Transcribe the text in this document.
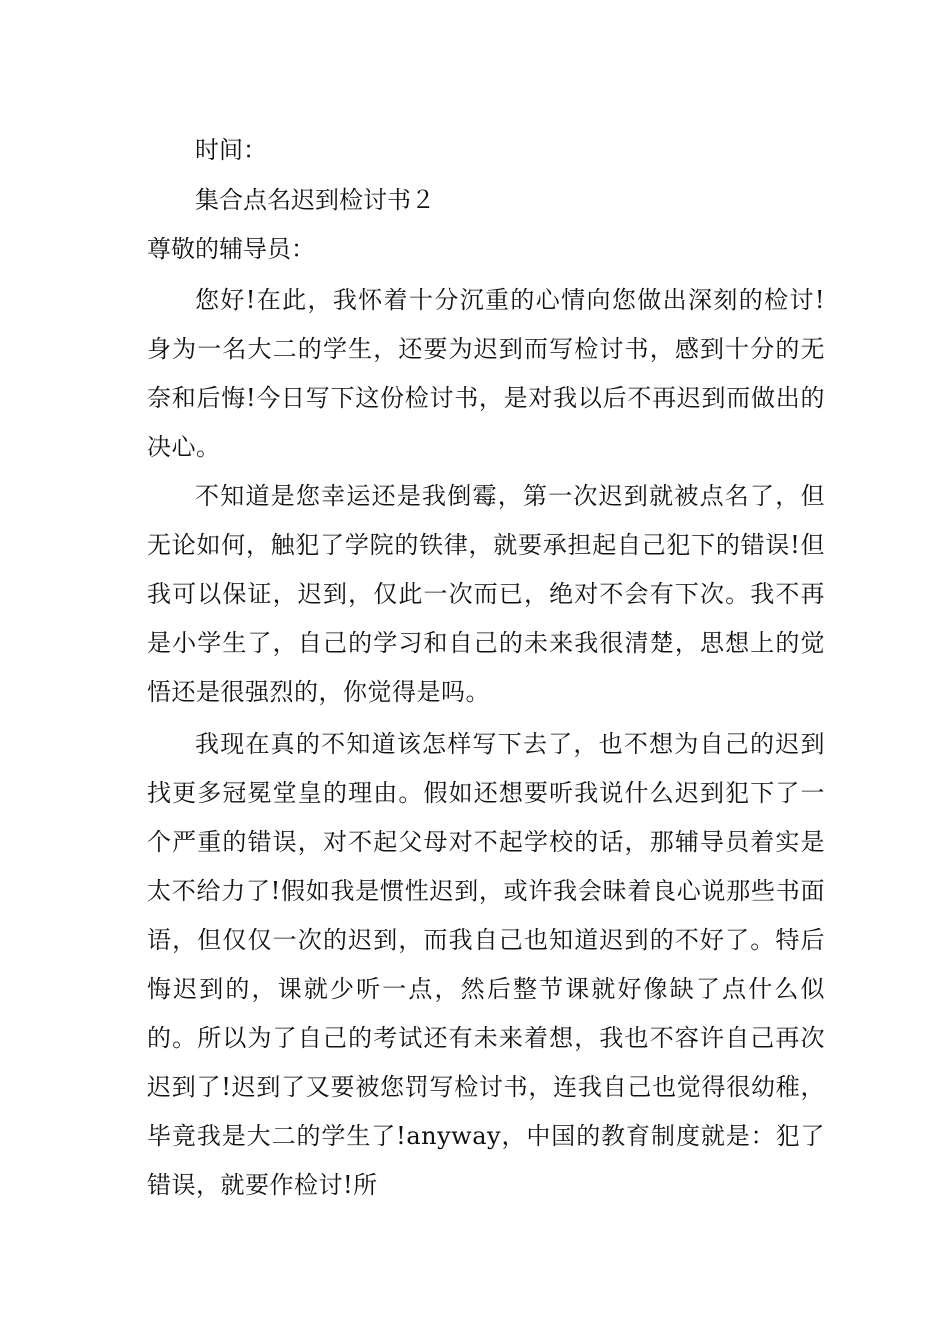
时间：
集合点名迟到检讨书２
尊敬的辅导员：

您好!在此，我怀着十分沉重的心情向您做出深刻的检讨!身为一名大二的学生，还要为迟到而写检讨书，感到十分的无奈和后悔!今日写下这份检讨书，是对我以后不再迟到而做出的决心。

不知道是您幸运还是我倒霉，第一次迟到就被点名了，但无论如何，触犯了学院的铁律，就要承担起自己犯下的错误!但我可以保证，迟到，仅此一次而已，绝对不会有下次。我不再是小学生了，自己的学习和自己的未来我很清楚，思想上的觉悟还是很强烈的，你觉得是吗。

我现在真的不知道该怎样写下去了，也不想为自己的迟到找更多冠冕堂皇的理由。假如还想要听我说什么迟到犯下了一个严重的错误，对不起父母对不起学校的话，那辅导员着实是太不给力了!假如我是惯性迟到，或许我会昧着良心说那些书面语，但仅仅一次的迟到，而我自己也知道迟到的不好了。特后悔迟到的，课就少听一点，然后整节课就好像缺了点什么似的。所以为了自己的考试还有未来着想，我也不容许自己再次迟到了!迟到了又要被您罚写检讨书，连我自己也觉得很幼稚，毕竟我是大二的学生了!anyway，中国的教育制度就是：犯了错误，就要作检讨!所
